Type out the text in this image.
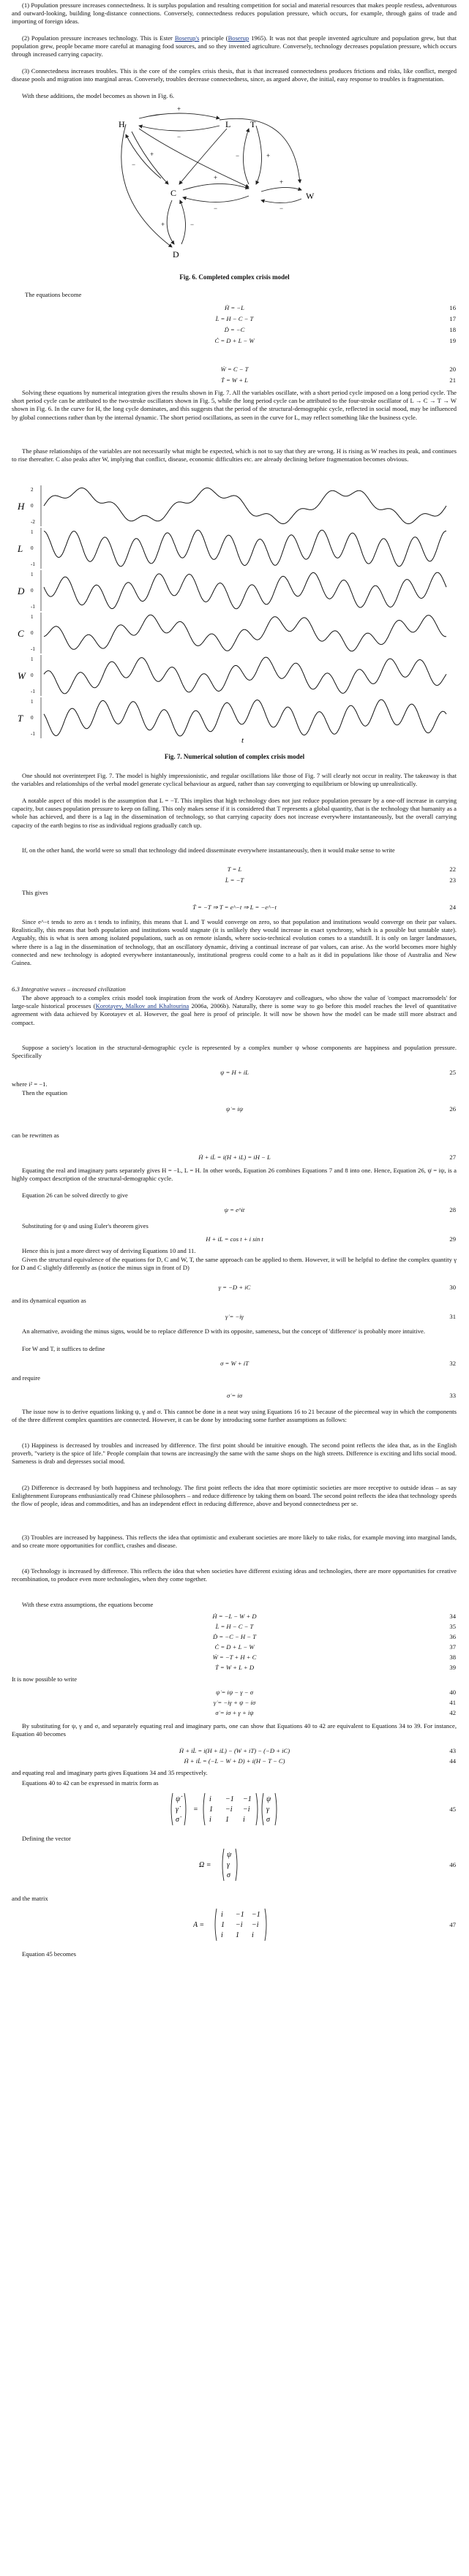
(1) Population pressure increases connectedness. It is surplus population and resulting competition for social and material resources that makes people restless, adventurous and outward-looking, building long-distance connections. Conversely, connectedness reduces population pressure, which occurs, for example, through gains of trade and importing of foreign ideas.

(2) Population pressure increases technology. This is Ester Boserup's principle (Boserup 1965). It was not that people invented agriculture and population grew, but that population grew, people became more careful at managing food sources, and so they invented agriculture. Conversely, technology decreases population pressure, which occurs through increased carrying capacity.

(3) Connectedness increases troubles. This is the core of the complex crisis thesis, that is that increased connectedness produces frictions and risks, like conflict, merged disease pools and migration into marginal areas. Conversely, troubles decrease connectedness, since, as argued above, the initial, easy response to troubles is fragmentation.

With these additions, the model becomes as shown in Fig. 6.

H	L
C
T
W
D
+
−
+
−
+
−
+
−
+
−
+	−
Fig. 6. Completed complex crisis model
The equations become
Ḣ = −L	16
L̇ = H − C − T	17
Ḋ = −C	18
Ċ = D + L − W	19
Ẇ = C − T	20
Ṫ = W + L	21

Solving these equations by numerical integration gives the results shown in Fig. 7. All the variables oscillate, with a short period cycle imposed on a long period cycle. The short period cycle can be attributed to the two-stroke oscillators shown in Fig. 5, while the long period cycle can be attributed to the four-stroke oscillator of L → C → T → W shown in Fig. 6. In the curve for H, the long cycle dominates, and this suggests that the period of the structural-demographic cycle, reflected in social mood, may be influenced by global connections rather than by the internal dynamic. The short period oscillations, as seen in the curve for L, may reflect something like the business cycle.

The phase relationships of the variables are not necessarily what might be expected, which is not to say that they are wrong. H is rising as W reaches its peak, and continues to rise thereafter. C also peaks after W, implying that conflict, disease, economic difficulties etc. are already declining before fragmentation becomes obvious.

H
2
0
-2
L
1
0
-1
D
1
0
-1
C
1
0
-1
W
1
0
-1
T
1
0
-1
t
Fig. 7. Numerical solution of complex crisis model

One should not overinterpret Fig. 7. The model is highly impressionistic, and regular oscillations like those of Fig. 7 will clearly not occur in reality. The takeaway is that the variables and relationships of the verbal model generate cyclical behaviour as argued, rather than say converging to equilibrium or blowing up unrealistically.

A notable aspect of this model is the assumption that L = −T. This implies that high technology does not just reduce population pressure by a one-off increase in carrying capacity, but causes population pressure to keep on falling. This only makes sense if it is considered that T represents a global quantity, that is the technology that humanity as a whole has achieved, and there is a lag in the dissemination of technology, so that carrying capacity does not increase everywhere instantaneously, but the overall carrying capacity of the earth begins to rise as individual regions gradually catch up.

If, on the other hand, the world were so small that technology did indeed disseminate everywhere instantaneously, then it would make sense to write

T = L	22
L̇ = −T	23
This gives
Ṫ = −T ⇒ T = e^−t ⇒ L = −e^−t	24

Since e^−t tends to zero as t tends to infinity, this means that L and T would converge on zero, so that population and institutions would converge on their par values. Realistically, this means that both population and institutions would stagnate (it is unlikely they would increase in exact synchrony, which is a possible but unstable state). Arguably, this is what is seen among isolated populations, such as on remote islands, where socio-technical evolution comes to a standstill. It is only on larger landmasses, where there is a lag in the dissemination of technology, that an oscillatory dynamic, driving a continual increase of par values, can arise. As the world becomes more highly connected and new technology is adopted everywhere instantaneously, institutional progress could come to a halt as it did in populations like those of Australia and New Guinea.

6.3 Integrative waves – increased civilization

The above approach to a complex crisis model took inspiration from the work of Andrey Korotayev and colleagues, who show the value of 'compact macromodels' for large-scale historical processes (Korotayev, Malkov and Khaltourina 2006a, 2006b). Naturally, there is some way to go before this model reaches the level of quantitative agreement with data achieved by Korotayev et al. However, the goal here is proof of principle. It will now be shown how the model can be made still more abstract and compact.

Suppose a society's location in the structural-demographic cycle is represented by a complex number ψ whose components are happiness and population pressure. Specifically

ψ = H + iL	25
where i² = −1.
Then the equation
ψ̇ = iψ	26
can be rewritten as
Ḣ + iL̇ = i(H + iL) = iH − L	27

Equating the real and imaginary parts separately gives H = −L, L = H. In other words, Equation 26 combines Equations 7 and 8 into one. Hence, Equation 26, ψ̇ = iψ, is a highly compact description of the structural-demographic cycle.

Equation 26 can be solved directly to give
ψ = e^it	28
Substituting for ψ and using Euler's theorem gives
H + iL = cos t + i sin t	29
Hence this is just a more direct way of deriving Equations 10 and 11.

Given the structural equivalence of the equations for D, C and W, T, the same approach can be applied to them. However, it will be helpful to define the complex quantity γ for D and C slightly differently as (notice the minus sign in front of D)

γ = −D + iC	30
and its dynamical equation as
γ̇ = −iγ	31

An alternative, avoiding the minus signs, would be to replace difference D with its opposite, sameness, but the concept of 'difference' is probably more intuitive.

For W and T, it suffices to define
σ = W + iT	32
and require
σ̇ = iσ	33

The issue now is to derive equations linking ψ, γ and σ. This cannot be done in a neat way using Equations 16 to 21 because of the piecemeal way in which the components of the three different complex quantities are connected. However, it can be done by introducing some further assumptions as follows:

(1) Happiness is decreased by troubles and increased by difference. The first point should be intuitive enough. The second point reflects the idea that, as in the English proverb, "variety is the spice of life." People complain that towns are increasingly the same with the same shops on the high streets. Difference is exciting and lifts social mood. Sameness is drab and depresses social mood.

(2) Difference is decreased by both happiness and technology. The first point reflects the idea that more optimistic societies are more receptive to outside ideas – as say Enlightenment Europeans enthusiastically read Chinese philosophers – and reduce difference by taking them on board. The second point reflects the idea that technology speeds the flow of people, ideas and commodities, and has an independent effect in reducing difference, above and beyond connectedness per se.

(3) Troubles are increased by happiness. This reflects the idea that optimistic and exuberant societies are more likely to take risks, for example moving into marginal lands, and so create more opportunities for conflict, crashes and disease.

(4) Technology is increased by difference. This reflects the idea that when societies have different existing ideas and technologies, there are more opportunities for creative recombination, to produce even more technologies, when they come together.

With these extra assumptions, the equations become
Ḣ = −L − W + D	34
L̇ = H − C − T	35
Ḋ = −C − H − T	36
Ċ = D + L − W	37
Ẇ = −T + H + C	38
Ṫ = W + L + D	39
It is now possible to write
ψ̇ = iψ − γ − σ	40
γ̇ = −iγ + ψ − iσ	41
σ̇ = iσ + γ + iψ	42

By substituting for ψ, γ and σ, and separately equating real and imaginary parts, one can show that Equations 40 to 42 are equivalent to Equations 34 to 39. For instance, Equation 40 becomes

Ḣ + iL̇ = i(H + iL) − (W + iT) − (−D + iC)	43
Ḣ + iL̇ = (−L − W + D) + i(H − T − C)	44
and equating real and imaginary parts gives Equations 34 and 35 respectively.
Equations 40 to 42 can be expressed in matrix form as
ψ̇
γ̇
σ̇
=
i −1 −1
1 −i −i
i 1 i
ψ
γ
σ
45
Defining the vector
Ω =
ψ
γ
σ
46
and the matrix
A =
i −1 −1
1 −i −i
i 1 i
47
Equation 45 becomes
